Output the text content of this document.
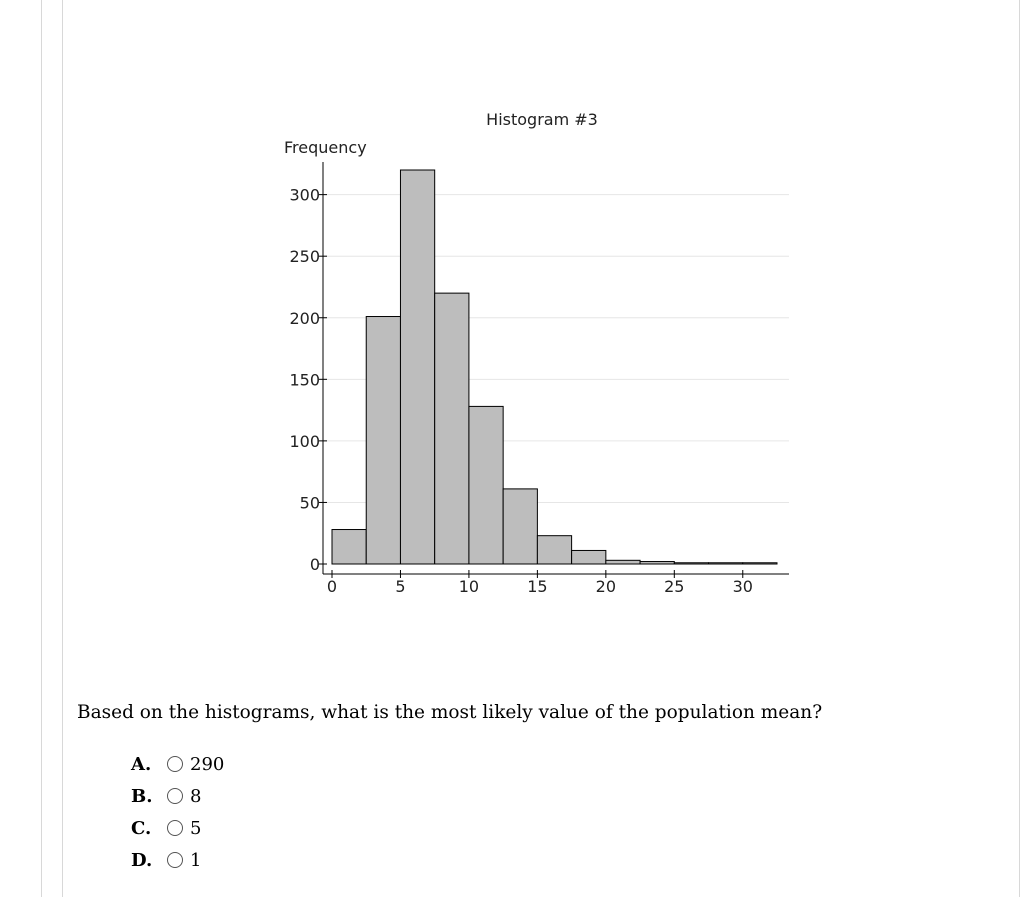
Histogram #3
Frequency
0
50
100
150
200
250
300
0	5	10	15	20	25	30
Based on the histograms, what is the most likely value of the population mean?
A.	290
B.	8
C.	5
D.	1
